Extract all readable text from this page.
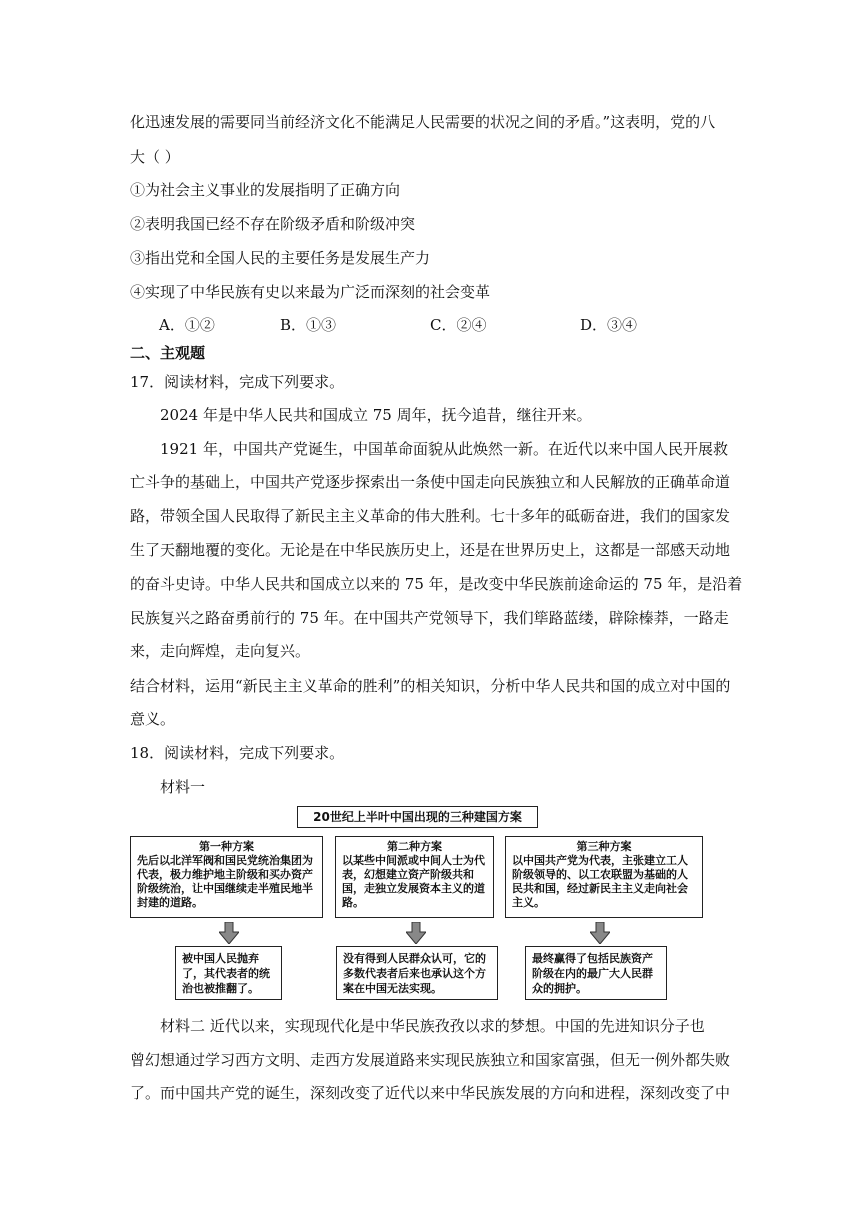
化迅速发展的需要同当前经济文化不能满足人民需要的状况之间的矛盾。”这表明，党的八
大（ ）
①为社会主义事业的发展指明了正确方向
②表明我国已经不存在阶级矛盾和阶级冲突
③指出党和全国人民的主要任务是发展生产力
④实现了中华民族有史以来最为广泛而深刻的社会变革
A．①②	B．①③	C．②④	D．③④
二、主观题
17．阅读材料，完成下列要求。
2024 年是中华人民共和国成立 75 周年，抚今追昔，继往开来。
1921 年，中国共产党诞生，中国革命面貌从此焕然一新。在近代以来中国人民开展救
亡斗争的基础上，中国共产党逐步探索出一条使中国走向民族独立和人民解放的正确革命道
路，带领全国人民取得了新民主主义革命的伟大胜利。七十多年的砥砺奋进，我们的国家发
生了天翻地覆的变化。无论是在中华民族历史上，还是在世界历史上，这都是一部感天动地
的奋斗史诗。中华人民共和国成立以来的 75 年，是改变中华民族前途命运的 75 年，是沿着
民族复兴之路奋勇前行的 75 年。在中国共产党领导下，我们筚路蓝缕，辟除榛莽，一路走
来，走向辉煌，走向复兴。
结合材料，运用“新民主主义革命的胜利”的相关知识，分析中华人民共和国的成立对中国的
意义。
18．阅读材料，完成下列要求。
材料一
20世纪上半叶中国出现的三种建国方案
第一种方案
先后以北洋军阀和国民党统治集团为代表，极力维护地主阶级和买办资产阶级统治，让中国继续走半殖民地半封建的道路。
第二种方案
以某些中间派或中间人士为代表，幻想建立资产阶级共和国，走独立发展资本主义的道路。
第三种方案
以中国共产党为代表，主张建立工人阶级领导的、以工农联盟为基础的人民共和国，经过新民主主义走向社会主义。
被中国人民抛弃了，其代表者的统治也被推翻了。
没有得到人民群众认可，它的多数代表者后来也承认这个方案在中国无法实现。
最终赢得了包括民族资产阶级在内的最广大人民群众的拥护。
材料二 近代以来，实现现代化是中华民族孜孜以求的梦想。中国的先进知识分子也
曾幻想通过学习西方文明、走西方发展道路来实现民族独立和国家富强，但无一例外都失败
了。而中国共产党的诞生，深刻改变了近代以来中华民族发展的方向和进程，深刻改变了中
